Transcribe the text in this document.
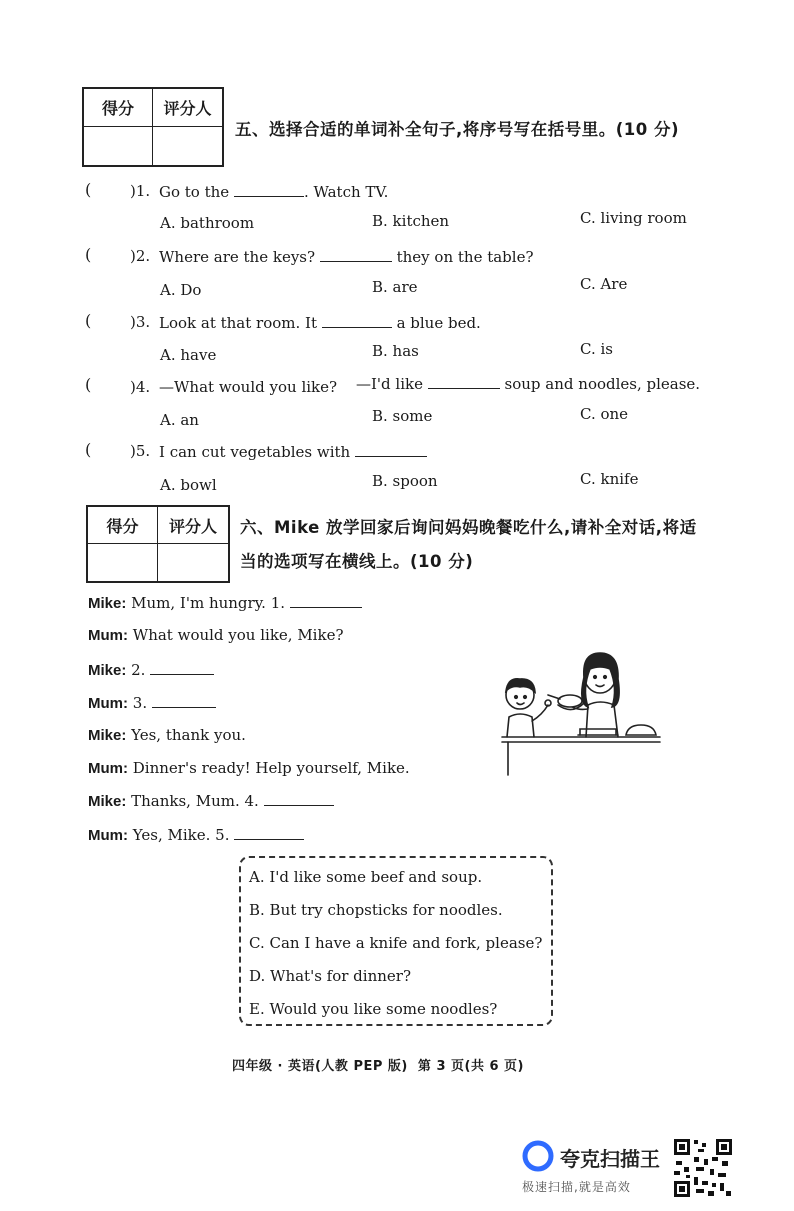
得分	评分人
五、选择合适的单词补全句子,将序号写在括号里。(10 分)
(	)1. Go to the	. Watch TV.
A. bathroom	B. kitchen	C. living room
(	)2. Where are the keys?	they on the table?
A. Do	B. are	C. Are
(	)3. Look at that room. It	a blue bed.
A. have	B. has	C. is
(	)4. —What would you like? —I'd like	soup and noodles, please.
A. an	B. some	C. one
(	)5. I can cut vegetables with
A. bowl	B. spoon	C. knife
得分	评分人	六、Mike 放学回家后询问妈妈晚餐吃什么,请补全对话,将适
当的选项写在横线上。(10 分)
Mike: Mum, I'm hungry. 1.
Mum: What would you like, Mike?
Mike: 2.
Mum: 3.
Mike: Yes, thank you.
Mum: Dinner's ready! Help yourself, Mike.
Mike: Thanks, Mum. 4.
Mum: Yes, Mike. 5.
A. I'd like some beef and soup.
B. But try chopsticks for noodles.
C. Can I have a knife and fork, please?
D. What's for dinner?
E. Would you like some noodles?
四年级 · 英语(人教 PEP 版)  第 3 页(共 6 页)
夸克扫描王
极速扫描,就是高效
